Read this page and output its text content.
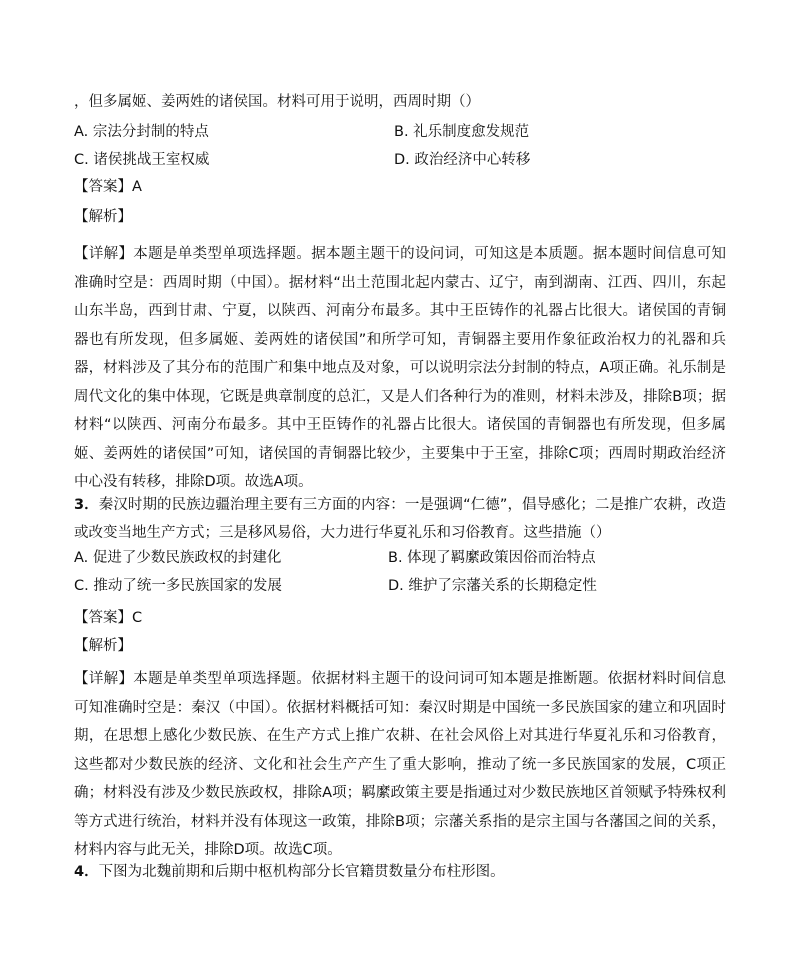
，但多属姬、姜两姓的诸侯国。材料可用于说明，西周时期（）
A. 宗法分封制的特点	B. 礼乐制度愈发规范
C. 诸侯挑战王室权威	D. 政治经济中心转移
【答案】A
【解析】
【详解】本题是单类型单项选择题。据本题主题干的设问词，可知这是本质题。据本题时间信息可知准确时空是：西周时期（中国）。据材料“出土范围北起内蒙古、辽宁，南到湖南、江西、四川，东起山东半岛，西到甘肃、宁夏，以陕西、河南分布最多。其中王臣铸作的礼器占比很大。诸侯国的青铜器也有所发现，但多属姬、姜两姓的诸侯国”和所学可知，青铜器主要用作象征政治权力的礼器和兵器，材料涉及了其分布的范围广和集中地点及对象，可以说明宗法分封制的特点，A项正确。礼乐制是周代文化的集中体现，它既是典章制度的总汇，又是人们各种行为的准则，材料未涉及，排除B项；据材料“以陕西、河南分布最多。其中王臣铸作的礼器占比很大。诸侯国的青铜器也有所发现，但多属姬、姜两姓的诸侯国”可知，诸侯国的青铜器比较少，主要集中于王室，排除C项；西周时期政治经济中心没有转移，排除D项。故选A项。
3．秦汉时期的民族边疆治理主要有三方面的内容：一是强调“仁德”，倡导感化；二是推广农耕，改造或改变当地生产方式；三是移风易俗，大力进行华夏礼乐和习俗教育。这些措施（）
A. 促进了少数民族政权的封建化	B. 体现了羁縻政策因俗而治特点
C. 推动了统一多民族国家的发展	D. 维护了宗藩关系的长期稳定性
【答案】C
【解析】
【详解】本题是单类型单项选择题。依据材料主题干的设问词可知本题是推断题。依据材料时间信息可知准确时空是：秦汉（中国）。依据材料概括可知：秦汉时期是中国统一多民族国家的建立和巩固时期，在思想上感化少数民族、在生产方式上推广农耕、在社会风俗上对其进行华夏礼乐和习俗教育，这些都对少数民族的经济、文化和社会生产产生了重大影响，推动了统一多民族国家的发展，C项正确；材料没有涉及少数民族政权，排除A项；羁縻政策主要是指通过对少数民族地区首领赋予特殊权利等方式进行统治，材料并没有体现这一政策，排除B项；宗藩关系指的是宗主国与各藩国之间的关系，材料内容与此无关，排除D项。故选C项。
4．下图为北魏前期和后期中枢机构部分长官籍贯数量分布柱形图。
